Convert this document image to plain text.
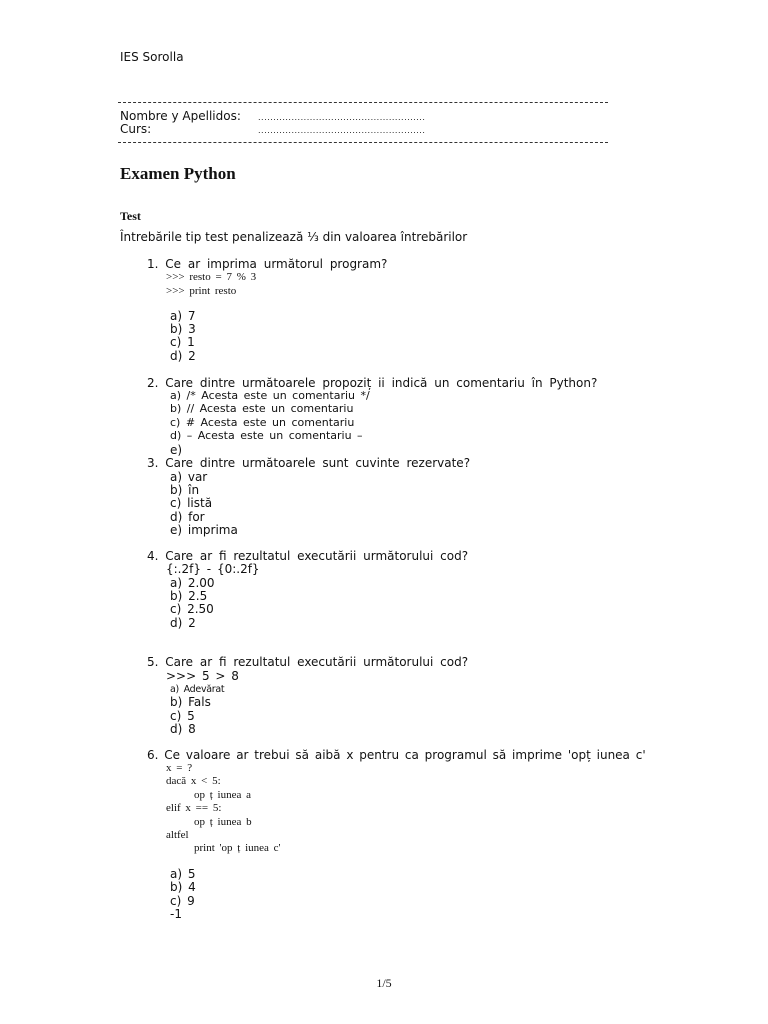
IES Sorolla
Nombre y Apellidos: .......................................................
Curs:	.......................................................
Examen Python
Test
Întrebările tip test penalizează ⅓ din valoarea întrebărilor
1. Ce ar imprima următorul program?
>>> resto = 7 % 3
>>> print resto
a) 7
b) 3
c) 1
d) 2
2. Care dintre următoarele propoziț ii indică un comentariu în Python?
a) /* Acesta este un comentariu */
b) // Acesta este un comentariu
c) # Acesta este un comentariu
d) – Acesta este un comentariu –
e)
3. Care dintre următoarele sunt cuvinte rezervate?
a) var
b) în
c) listă
d) for
e) imprima
4. Care ar fi rezultatul executării următorului cod?
{:.2f} - {0:.2f}
a) 2.00
b) 2.5
c) 2.50
d) 2
5. Care ar fi rezultatul executării următorului cod?
>>> 5 > 8
a) Adevărat
b) Fals
c) 5
d) 8
6. Ce valoare ar trebui să aibă x pentru ca programul să imprime 'opț iunea c'
x = ?
dacă x < 5:
op ț iunea a
elif x == 5:
op ț iunea b
altfel
print 'op ț iunea c'
a) 5
b) 4
c) 9
-1
1/5
